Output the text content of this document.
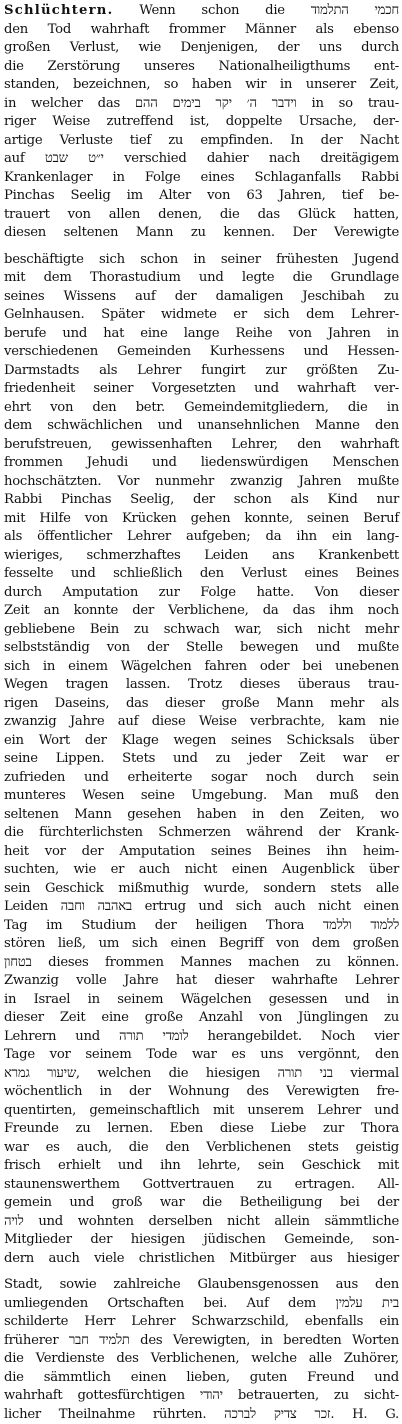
Schlüchtern. Wenn schon die חכמי התלמוד
den Tod wahrhaft frommer Männer als ebenso
großen Verlust, wie Denjenigen, der uns durch
die Zerstörung unseres Nationalheiligthums ent-
standen, bezeichnen, so haben wir in unserer Zeit,
in welcher das וידבר ה׳ יקר בימים ההם in so trau-
riger Weise zutreffend ist, doppelte Ursache, der-
artige Verluste tief zu empfinden. In der Nacht
auf י״ט שבט verschied dahier nach dreitägigem
Krankenlager in Folge eines Schlaganfalls Rabbi
Pinchas Seelig im Alter von 63 Jahren, tief be-
trauert von allen denen, die das Glück hatten,
diesen seltenen Mann zu kennen. Der Verewigte

beschäftigte sich schon in seiner frühesten Jugend
mit dem Thorastudium und legte die Grundlage
seines Wissens auf der damaligen Jeschibah zu
Gelnhausen. Später widmete er sich dem Lehrer-
berufe und hat eine lange Reihe von Jahren in
verschiedenen Gemeinden Kurhessens und Hessen-
Darmstadts als Lehrer fungirt zur größten Zu-
friedenheit seiner Vorgesetzten und wahrhaft ver-
ehrt von den betr. Gemeindemitgliedern, die in
dem schwächlichen und unansehnlichen Manne den
berufstreuen, gewissenhaften Lehrer, den wahrhaft
frommen Jehudi und liedenswürdigen Menschen
hochschätzten. Vor nunmehr zwanzig Jahren mußte
Rabbi Pinchas Seelig, der schon als Kind nur
mit Hilfe von Krücken gehen konnte, seinen Beruf
als öffentlicher Lehrer aufgeben; da ihn ein lang-
wieriges, schmerzhaftes Leiden ans Krankenbett
fesselte und schließlich den Verlust eines Beines
durch Amputation zur Folge hatte. Von dieser
Zeit an konnte der Verblichene, da das ihm noch
gebliebene Bein zu schwach war, sich nicht mehr
selbstständig von der Stelle bewegen und mußte
sich in einem Wägelchen fahren oder bei unebenen
Wegen tragen lassen. Trotz dieses überaus trau-
rigen Daseins, das dieser große Mann mehr als
zwanzig Jahre auf diese Weise verbrachte, kam nie
ein Wort der Klage wegen seines Schicksals über
seine Lippen. Stets und zu jeder Zeit war er
zufrieden und erheiterte sogar noch durch sein
munteres Wesen seine Umgebung. Man muß den
seltenen Mann gesehen haben in den Zeiten, wo
die fürchterlichsten Schmerzen während der Krank-
heit vor der Amputation seines Beines ihn heim-
suchten, wie er auch nicht einen Augenblick über
sein Geschick mißmuthig wurde, sondern stets alle
Leiden באהבה וחבה ertrug und sich auch nicht einen
Tag im Studium der heiligen Thora ללמוד וללמד
stören ließ, um sich einen Begriff von dem großen
בטחון dieses frommen Mannes machen zu können.
Zwanzig volle Jahre hat dieser wahrhafte Lehrer
in Israel in seinem Wägelchen gesessen und in
dieser Zeit eine große Anzahl von Jünglingen zu
Lehrern und לומדי תורה herangebildet. Noch vier
Tage vor seinem Tode war es uns vergönnt, den
שיעור גמרא, welchen die hiesigen בני תורה viermal
wöchentlich in der Wohnung des Verewigten fre-
quentirten, gemeinschaftlich mit unserem Lehrer und
Freunde zu lernen. Eben diese Liebe zur Thora
war es auch, die den Verblichenen stets geistig
frisch erhielt und ihn lehrte, sein Geschick mit
staunenswerthem Gottvertrauen zu ertragen. All-
gemein und groß war die Betheiligung bei der
לויה und wohnten derselben nicht allein sämmtliche
Mitglieder der hiesigen jüdischen Gemeinde, son-
dern auch viele christlichen Mitbürger aus hiesiger

Stadt, sowie zahlreiche Glaubensgenossen aus den
umliegenden Ortschaften bei. Auf dem בית עלמין
schilderte Herr Lehrer Schwarzschild, ebenfalls ein
früherer תלמיד חבר des Verewigten, in beredten Worten
die Verdienste des Verblichenen, welche alle Zuhörer,
die sämmtlich einen lieben, guten Freund und
wahrhaft gottesfürchtigen יהודי betrauerten, zu sicht-
licher Theilnahme rührten. זכר צדיק לברכה. H. G.
